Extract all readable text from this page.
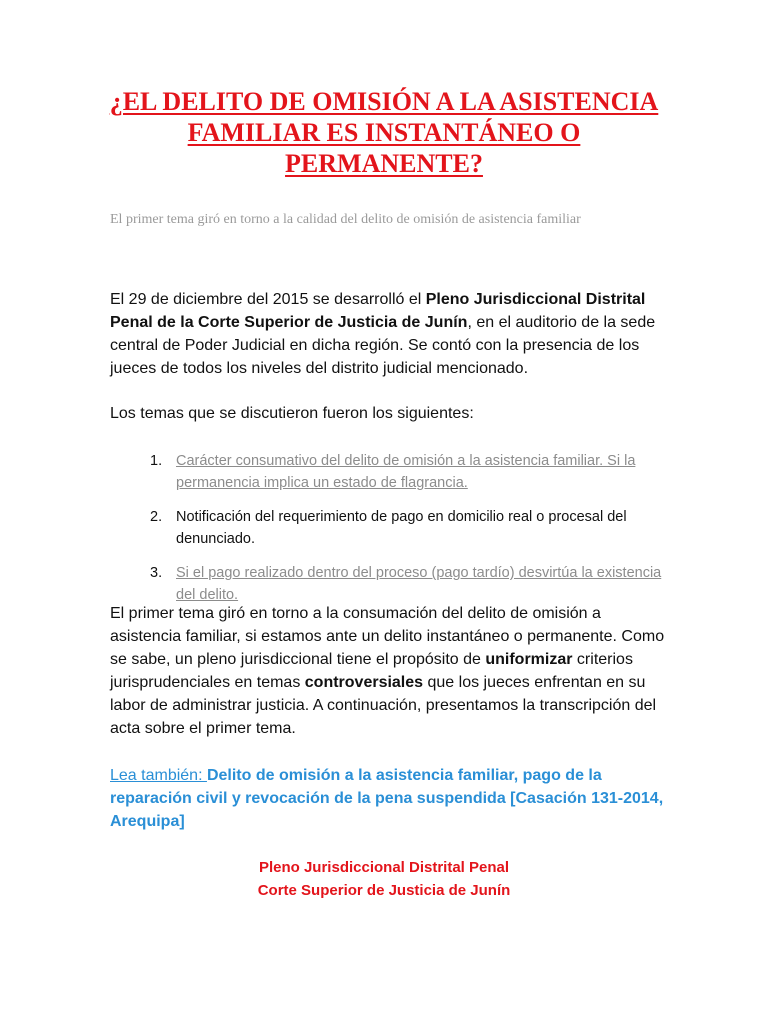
¿EL DELITO DE OMISIÓN A LA ASISTENCIA FAMILIAR ES INSTANTÁNEO O PERMANENTE?
El primer tema giró en torno a la calidad del delito de omisión de asistencia familiar
El 29 de diciembre del 2015 se desarrolló el Pleno Jurisdiccional Distrital Penal de la Corte Superior de Justicia de Junín, en el auditorio de la sede central de Poder Judicial en dicha región. Se contó con la presencia de los jueces de todos los niveles del distrito judicial mencionado.
Los temas que se discutieron fueron los siguientes:
1. Carácter consumativo del delito de omisión a la asistencia familiar. Si la permanencia implica un estado de flagrancia.
2. Notificación del requerimiento de pago en domicilio real o procesal del denunciado.
3. Si el pago realizado dentro del proceso (pago tardío) desvirtúa la existencia del delito.
El primer tema giró en torno a la consumación del delito de omisión a asistencia familiar, si estamos ante un delito instantáneo o permanente. Como se sabe, un pleno jurisdiccional tiene el propósito de uniformizar criterios jurisprudenciales en temas controversiales que los jueces enfrentan en su labor de administrar justicia. A continuación, presentamos la transcripción del acta sobre el primer tema.
Lea también: Delito de omisión a la asistencia familiar, pago de la reparación civil y revocación de la pena suspendida [Casación 131-2014, Arequipa]
Pleno Jurisdiccional Distrital Penal
Corte Superior de Justicia de Junín
